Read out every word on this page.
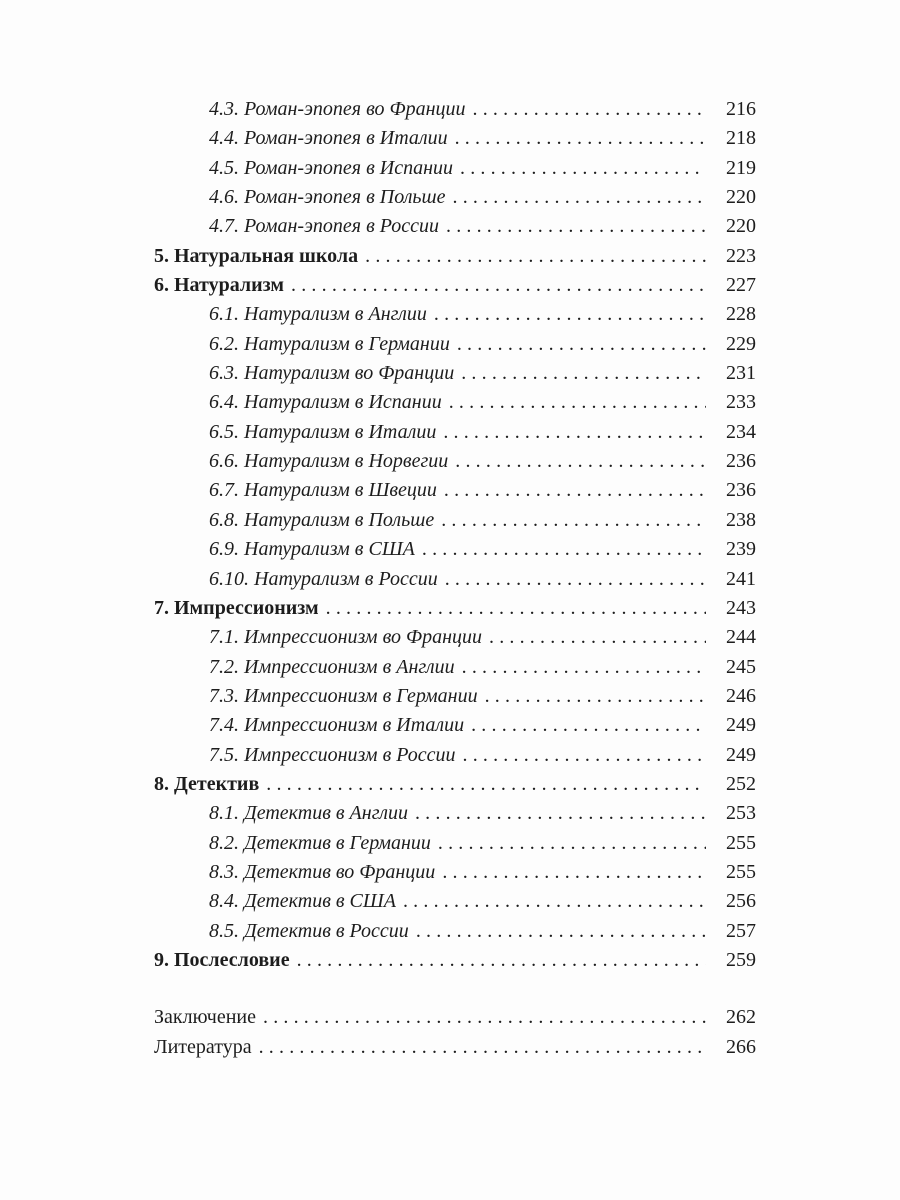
4.3. Роман-эпопея во Франции .....	216
4.4. Роман-эпопея в Италии .....	218
4.5. Роман-эпопея в Испании .....	219
4.6. Роман-эпопея в Польше .....	220
4.7. Роман-эпопея в России .....	220
5. Натуральная школа .....	223
6. Натурализм .....	227
6.1. Натурализм в Англии .....	228
6.2. Натурализм в Германии .....	229
6.3. Натурализм во Франции .....	231
6.4. Натурализм в Испании .....	233
6.5. Натурализм в Италии .....	234
6.6. Натурализм в Норвегии .....	236
6.7. Натурализм в Швеции .....	236
6.8. Натурализм в Польше .....	238
6.9. Натурализм в США .....	239
6.10. Натурализм в России .....	241
7. Импрессионизм .....	243
7.1. Импрессионизм во Франции .....	244
7.2. Импрессионизм в Англии .....	245
7.3. Импрессионизм в Германии .....	246
7.4. Импрессионизм в Италии .....	249
7.5. Импрессионизм в России .....	249
8. Детектив .....	252
8.1. Детектив в Англии .....	253
8.2. Детектив в Германии .....	255
8.3. Детектив во Франции .....	255
8.4. Детектив в США .....	256
8.5. Детектив в России .....	257
9. Послесловие .....	259
Заключение .....	262
Литература .....	266
